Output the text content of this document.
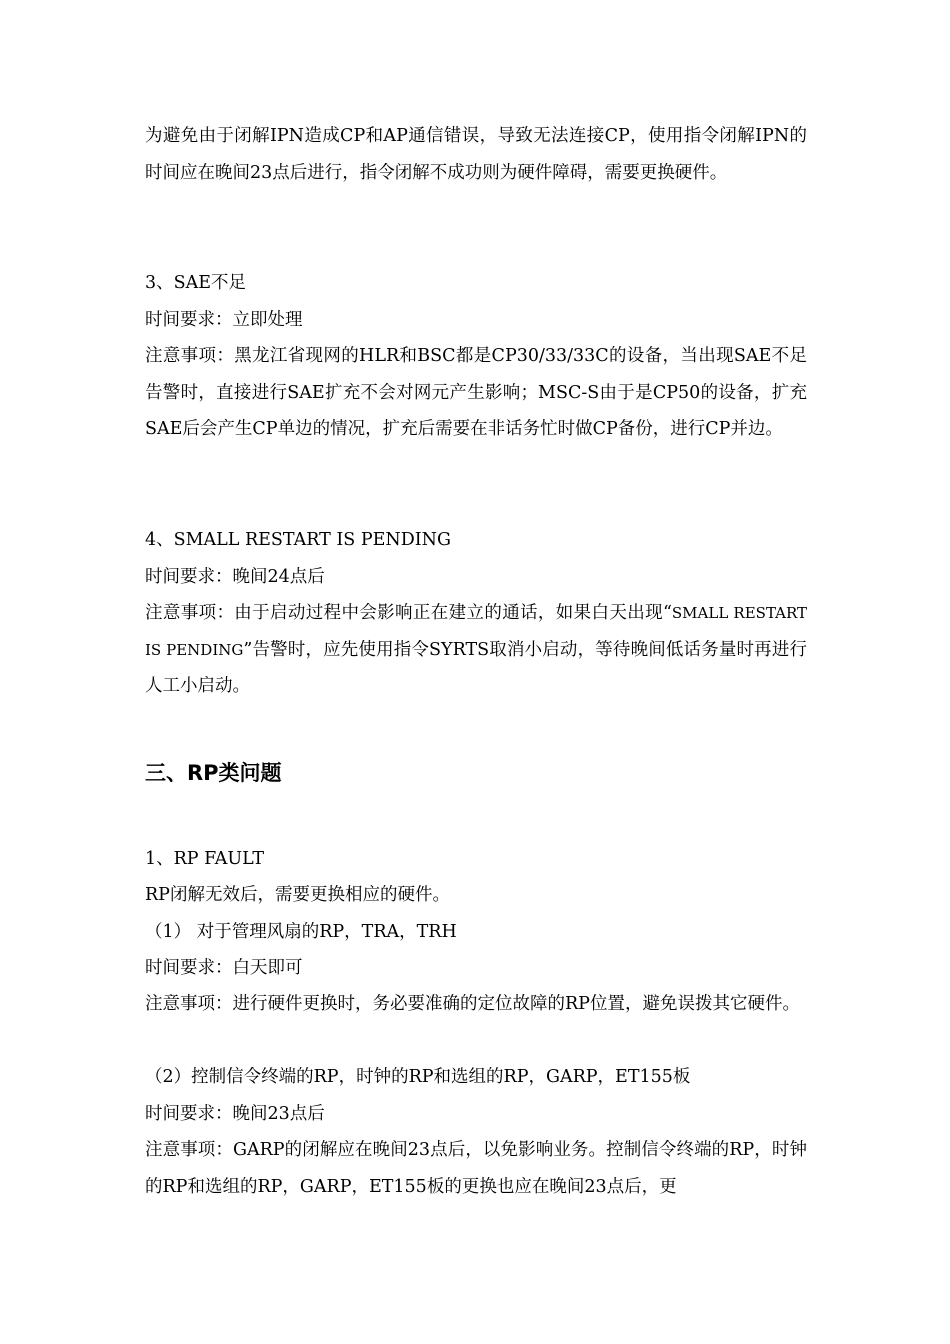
为避免由于闭解IPN造成CP和AP通信错误，导致无法连接CP，使用指令闭解IPN的时间应在晚间23点后进行，指令闭解不成功则为硬件障碍，需要更换硬件。

3、SAE不足

时间要求：立即处理

注意事项：黑龙江省现网的HLR和BSC都是CP30/33/33C的设备，当出现SAE不足告警时，直接进行SAE扩充不会对网元产生影响；MSC-S由于是CP50的设备，扩充SAE后会产生CP单边的情况，扩充后需要在非话务忙时做CP备份，进行CP并边。

4、SMALL RESTART IS PENDING

时间要求：晚间24点后

注意事项：由于启动过程中会影响正在建立的通话，如果白天出现“SMALL RESTART IS PENDING”告警时，应先使用指令SYRTS取消小启动，等待晚间低话务量时再进行人工小启动。

三、RP类问题

1、RP FAULT

RP闭解无效后，需要更换相应的硬件。

（1） 对于管理风扇的RP，TRA，TRH

时间要求：白天即可

注意事项：进行硬件更换时，务必要准确的定位故障的RP位置，避免误拨其它硬件。

（2）控制信令终端的RP，时钟的RP和选组的RP，GARP，ET155板

时间要求：晚间23点后

注意事项：GARP的闭解应在晚间23点后，以免影响业务。控制信令终端的RP，时钟的RP和选组的RP，GARP，ET155板的更换也应在晚间23点后，更
